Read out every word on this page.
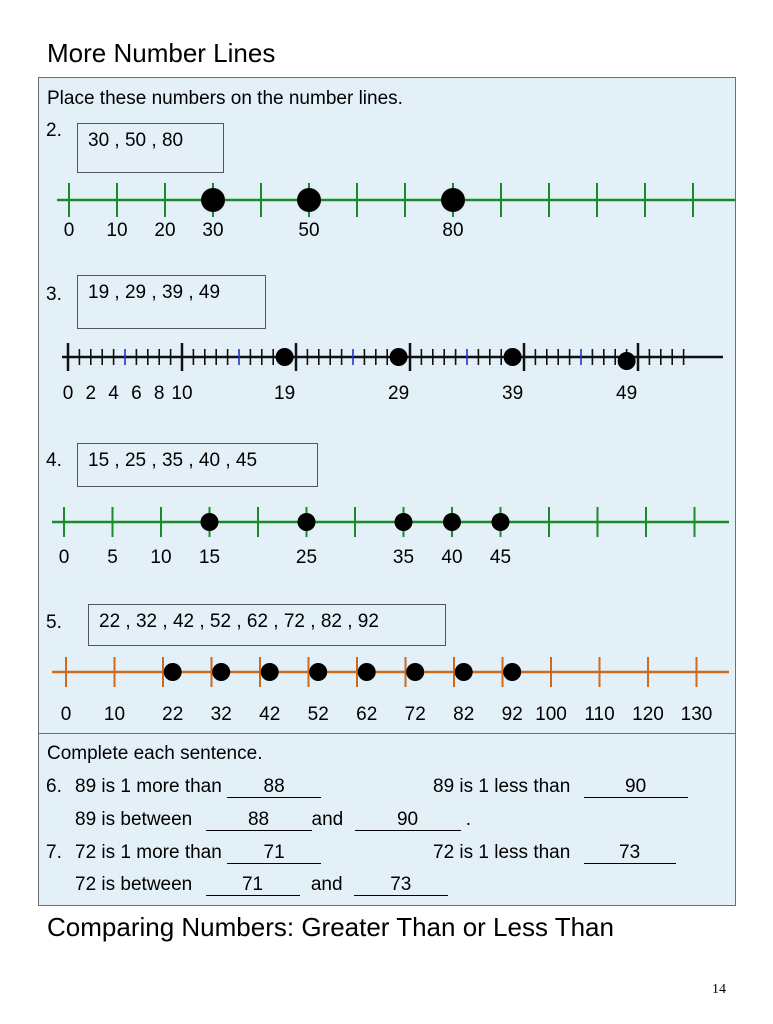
More Number Lines
Place these numbers on the number lines.
2.	30 , 50 , 80
0 10 20 30	50	80
3.	19 , 29 , 39 , 49
0 2 4 6 8 10	19	29	39	49
4.	15 , 25 , 35 , 40 , 45
0 5 10 15	25	35 40 45
5.	22 , 32 , 42 , 52 , 62 , 72 , 82 , 92
0 10 22 32 42 52 62 72 82 92 100 110 120 130
Complete each sentence.
6. 89 is 1 more than 88	89 is 1 less than	90
89 is between	88 and	90	.
7. 72 is 1 more than 71	72 is 1 less than	73
72 is between	71	and	73
Comparing Numbers: Greater Than or Less Than
14
